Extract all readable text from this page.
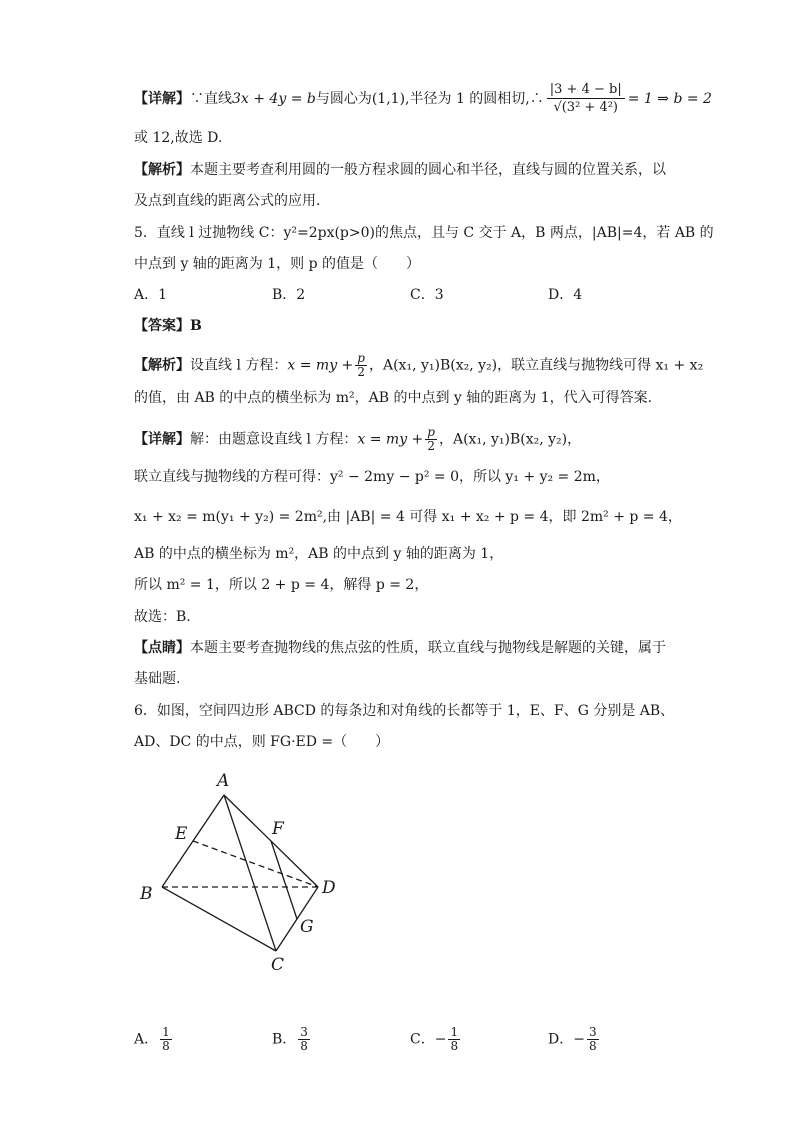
【详解】∵直线3x + 4y = b与圆心为(1,1),半径为 1 的圆相切,∴ $\frac{|3 + 4 - b|}{\text{√(3² + 4²)}} = 1$ ⇒ b = 2
或 12,故选 D.
【解析】本题主要考查利用圆的一般方程求圆的圆心和半径，直线与圆的位置关系，以
及点到直线的距离公式的应用.
5．直线 l 过抛物线 C：y²=2px(p>0)的焦点，且与 C 交于 A，B 两点，|AB|=4，若 AB 的
中点到 y 轴的距离为 1，则 p 的值是（　　）
A．1	B．2	C．3	D．4
【答案】B
【解析】设直线 l 方程：x = my + $\frac{p}{2}$ ，A(x₁, y₁)B(x₂, y₂)，联立直线与抛物线可得 x₁ + x₂
的值，由 AB 的中点的横坐标为 m²，AB 的中点到 y 轴的距离为 1，代入可得答案.
【详解】解：由题意设直线 l 方程：x = my + $\frac{p}{2}$ ，A(x₁, y₁)B(x₂, y₂)，
联立直线与抛物线的方程可得：y² − 2my − p² = 0，所以 y₁ + y₂ = 2m，
x₁ + x₂ = m(y₁ + y₂) = 2m²,由 |AB| = 4 可得 x₁ + x₂ + p = 4，即 2m² + p = 4，
AB 的中点的横坐标为 m²，AB 的中点到 y 轴的距离为 1，
所以 m² = 1，所以 2 + p = 4，解得 p = 2，
故选：B.
【点睛】本题主要考查抛物线的焦点弦的性质，联立直线与抛物线是解题的关键，属于
基础题.
6．如图，空间四边形 ABCD 的每条边和对角线的长都等于 1，E、F、G 分别是 AB、
AD、DC 的中点，则 FG·ED =（　　）
A
E	F
B	D
G
C
A． $\frac{1}{8}$	B． $\frac{3}{8}$	C．− $\frac{1}{8}$	D．− $\frac{3}{8}$
